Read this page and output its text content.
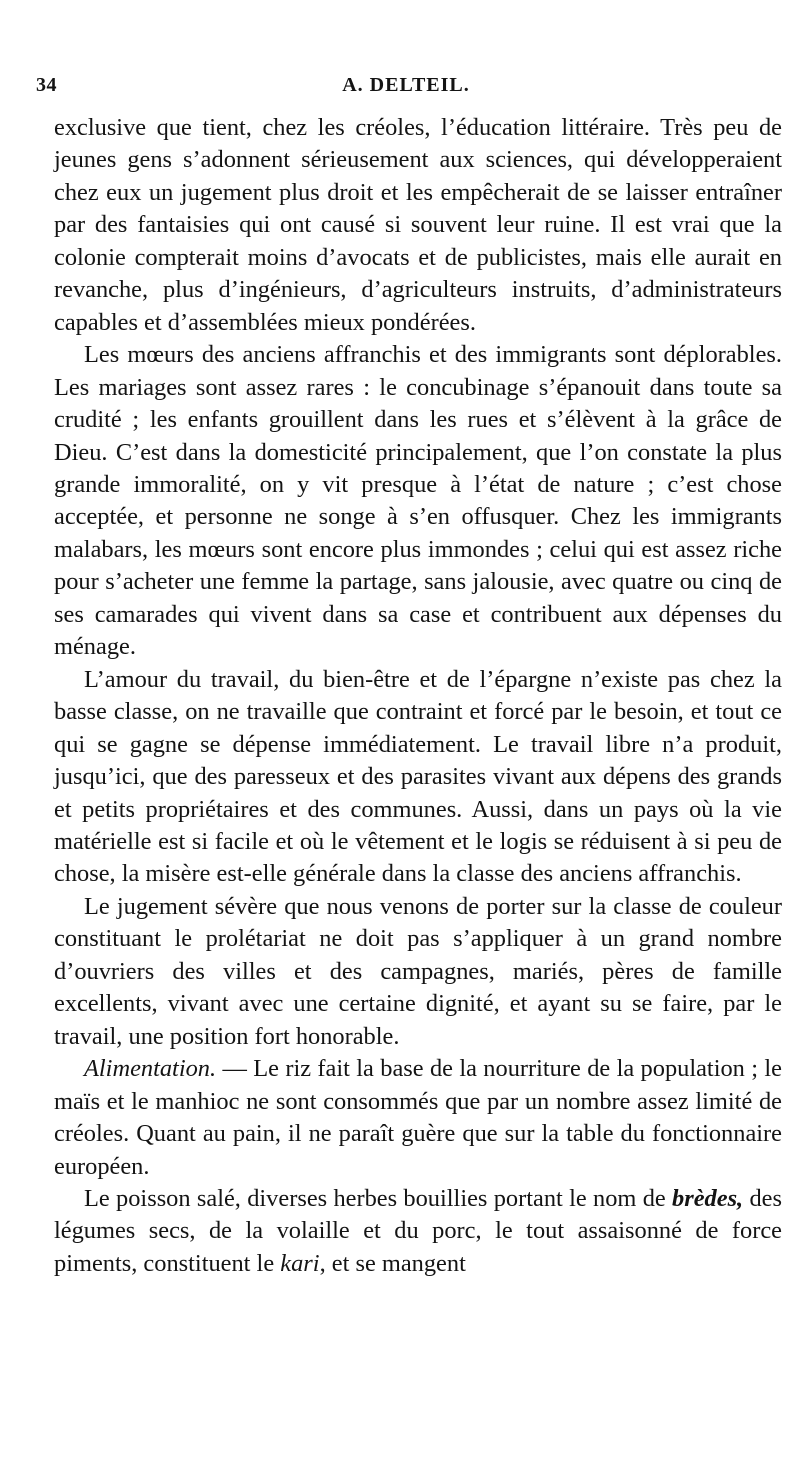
34	A. DELTEIL.

exclusive que tient, chez les créoles, l’éducation littéraire. Très peu de jeunes gens s’adonnent sérieusement aux sciences, qui développeraient chez eux un jugement plus droit et les empêcherait de se laisser entraîner par des fantaisies qui ont causé si souvent leur ruine. Il est vrai que la colonie compterait moins d’avocats et de publicistes, mais elle aurait en revanche, plus d’ingénieurs, d’agriculteurs instruits, d’administrateurs capables et d’assemblées mieux pondérées.

Les mœurs des anciens affranchis et des immigrants sont déplorables. Les mariages sont assez rares : le concubinage s’épanouit dans toute sa crudité ; les enfants grouillent dans les rues et s’élèvent à la grâce de Dieu. C’est dans la domesticité principalement, que l’on constate la plus grande immoralité, on y vit presque à l’état de nature ; c’est chose acceptée, et personne ne songe à s’en offusquer. Chez les immigrants malabars, les mœurs sont encore plus immondes ; celui qui est assez riche pour s’acheter une femme la partage, sans jalousie, avec quatre ou cinq de ses camarades qui vivent dans sa case et contribuent aux dépenses du ménage.

L’amour du travail, du bien-être et de l’épargne n’existe pas chez la basse classe, on ne travaille que contraint et forcé par le besoin, et tout ce qui se gagne se dépense immédiatement. Le travail libre n’a produit, jusqu’ici, que des paresseux et des parasites vivant aux dépens des grands et petits propriétaires et des communes. Aussi, dans un pays où la vie matérielle est si facile et où le vêtement et le logis se réduisent à si peu de chose, la misère est-elle générale dans la classe des anciens affranchis.

Le jugement sévère que nous venons de porter sur la classe de couleur constituant le prolétariat ne doit pas s’appliquer à un grand nombre d’ouvriers des villes et des campagnes, mariés, pères de famille excellents, vivant avec une certaine dignité, et ayant su se faire, par le travail, une position fort honorable.

Alimentation. — Le riz fait la base de la nourriture de la population ; le maïs et le manhioc ne sont consommés que par un nombre assez limité de créoles. Quant au pain, il ne paraît guère que sur la table du fonctionnaire européen.

Le poisson salé, diverses herbes bouillies portant le nom de brèdes, des légumes secs, de la volaille et du porc, le tout assaisonné de force piments, constituent le kari, et se mangent
